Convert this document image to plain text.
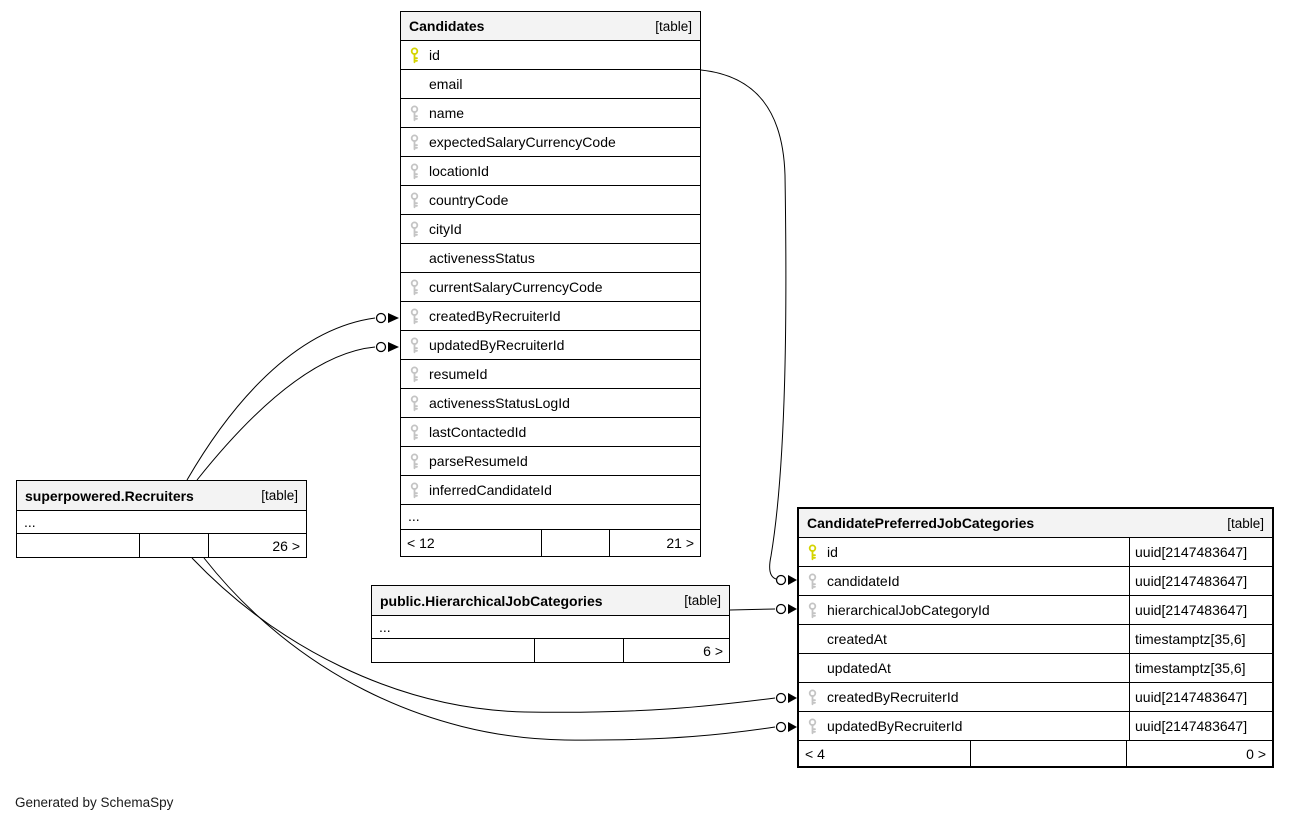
Candidates	[table]
id
email
name
expectedSalaryCurrencyCode
locationId
countryCode
cityId
activenessStatus
currentSalaryCurrencyCode
createdByRecruiterId
updatedByRecruiterId
resumeId
activenessStatusLogId
lastContactedId
parseResumeId
inferredCandidateId
...
< 12	21 >
superpowered.Recruiters	[table]
...
26 >
public.HierarchicalJobCategories	[table]
...
6 >
CandidatePreferredJobCategories	[table]
id	uuid[2147483647]
candidateId	uuid[2147483647]
hierarchicalJobCategoryId	uuid[2147483647]
createdAt	timestamptz[35,6]
updatedAt	timestamptz[35,6]
createdByRecruiterId	uuid[2147483647]
updatedByRecruiterId	uuid[2147483647]
< 4	0 >
Generated by SchemaSpy
